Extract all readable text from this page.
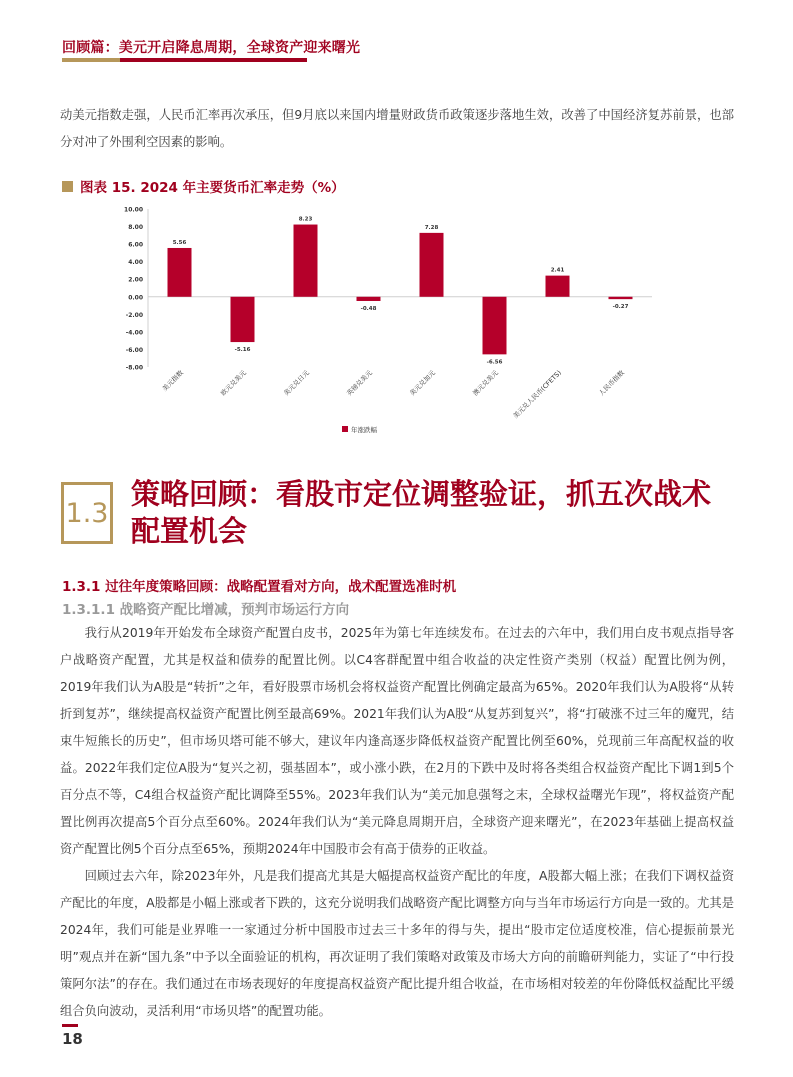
回顾篇：美元开启降息周期，全球资产迎来曙光

动美元指数走强，人民币汇率再次承压，但9月底以来国内增量财政货币政策逐步落地生效，改善了中国经济复苏前景，也部分对冲了外围利空因素的影响。

图表 15. 2024 年主要货币汇率走势（%）
10.00
8.00
6.00
4.00
2.00
0.00
-2.00
-4.00
-6.00
-8.00
5.56
-5.16
8.23
-0.48
7.28
-6.56
2.41
-0.27
美元指数	欧元兑美元	美元兑日元	英镑兑美元	美元兑加元	澳元兑美元 美元兑人民币(CFETS)	人民币指数
年涨跌幅
1.3
策略回顾：看股市定位调整验证，抓五次战术配置机会
1.3.1 过往年度策略回顾：战略配置看对方向，战术配置选准时机
1.3.1.1 战略资产配比增减，预判市场运行方向

我行从2019年开始发布全球资产配置白皮书，2025年为第七年连续发布。在过去的六年中，我们用白皮书观点指导客户战略资产配置，尤其是权益和债券的配置比例。以C4客群配置中组合收益的决定性资产类别（权益）配置比例为例，2019年我们认为A股是“转折”之年，看好股票市场机会将权益资产配置比例确定最高为65%。2020年我们认为A股将“从转折到复苏”，继续提高权益资产配置比例至最高69%。2021年我们认为A股“从复苏到复兴”，将“打破涨不过三年的魔咒，结束牛短熊长的历史”，但市场贝塔可能不够大，建议年内逢高逐步降低权益资产配置比例至60%，兑现前三年高配权益的收益。2022年我们定位A股为“复兴之初，强基固本”，或小涨小跌，在2月的下跌中及时将各类组合权益资产配比下调1到5个百分点不等，C4组合权益资产配比调降至55%。2023年我们认为“美元加息强弩之末，全球权益曙光乍现”，将权益资产配置比例再次提高5个百分点至60%。2024年我们认为“美元降息周期开启，全球资产迎来曙光”，在2023年基础上提高权益资产配置比例5个百分点至65%，预期2024年中国股市会有高于债券的正收益。

回顾过去六年，除2023年外，凡是我们提高尤其是大幅提高权益资产配比的年度，A股都大幅上涨；在我们下调权益资产配比的年度，A股都是小幅上涨或者下跌的，这充分说明我们战略资产配比调整方向与当年市场运行方向是一致的。尤其是2024年，我们可能是业界唯一一家通过分析中国股市过去三十多年的得与失，提出“股市定位适度校准，信心提振前景光明”观点并在新“国九条”中予以全面验证的机构，再次证明了我们策略对政策及市场大方向的前瞻研判能力，实证了“中行投策阿尔法”的存在。我们通过在市场表现好的年度提高权益资产配比提升组合收益，在市场相对较差的年份降低权益配比平缓组合负向波动，灵活利用“市场贝塔”的配置功能。

18
